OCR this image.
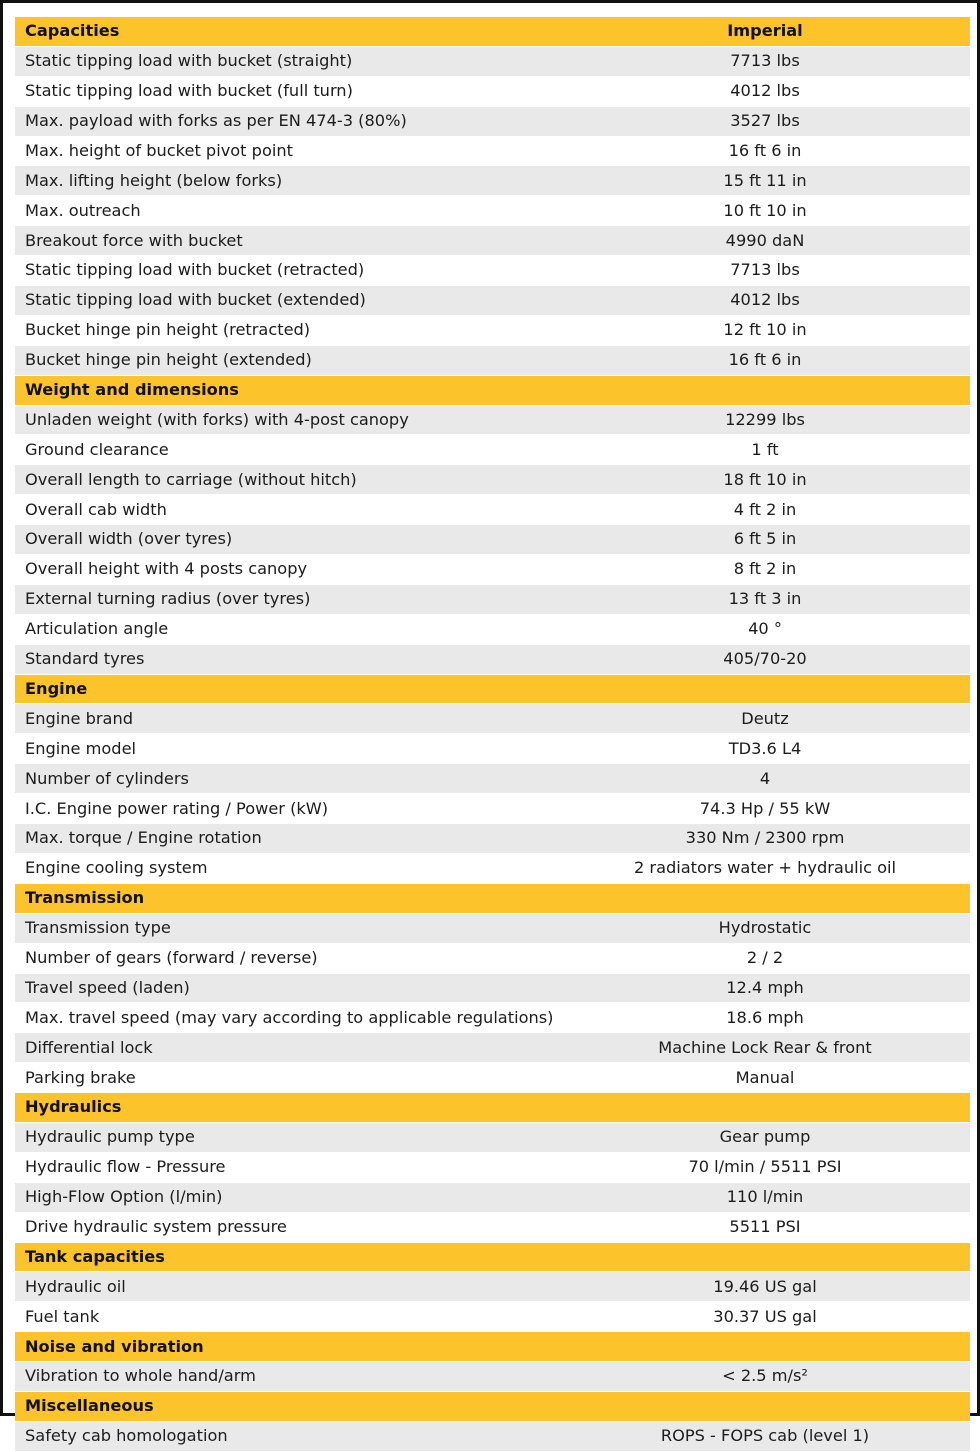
Capacities	Imperial
Static tipping load with bucket (straight)	7713 lbs
Static tipping load with bucket (full turn)	4012 lbs
Max. payload with forks as per EN 474-3 (80%)	3527 lbs
Max. height of bucket pivot point	16 ft 6 in
Max. lifting height (below forks)	15 ft 11 in
Max. outreach	10 ft 10 in
Breakout force with bucket	4990 daN
Static tipping load with bucket (retracted)	7713 lbs
Static tipping load with bucket (extended)	4012 lbs
Bucket hinge pin height (retracted)	12 ft 10 in
Bucket hinge pin height (extended)	16 ft 6 in
Weight and dimensions	
Unladen weight (with forks) with 4-post canopy	12299 lbs
Ground clearance	1 ft
Overall length to carriage (without hitch)	18 ft 10 in
Overall cab width	4 ft 2 in
Overall width (over tyres)	6 ft 5 in
Overall height with 4 posts canopy	8 ft 2 in
External turning radius (over tyres)	13 ft 3 in
Articulation angle	40 °
Standard tyres	405/70-20
Engine	
Engine brand	Deutz
Engine model	TD3.6 L4
Number of cylinders	4
I.C. Engine power rating / Power (kW)	74.3 Hp / 55 kW
Max. torque / Engine rotation	330 Nm / 2300 rpm
Engine cooling system	2 radiators water + hydraulic oil
Transmission	
Transmission type	Hydrostatic
Number of gears (forward / reverse)	2 / 2
Travel speed (laden)	12.4 mph
Max. travel speed (may vary according to applicable regulations)	18.6 mph
Differential lock	Machine Lock Rear & front
Parking brake	Manual
Hydraulics	
Hydraulic pump type	Gear pump
Hydraulic flow - Pressure	70 l/min / 5511 PSI
High-Flow Option (l/min)	110 l/min
Drive hydraulic system pressure	5511 PSI
Tank capacities	
Hydraulic oil	19.46 US gal
Fuel tank	30.37 US gal
Noise and vibration	
Vibration to whole hand/arm	< 2.5 m/s²
Miscellaneous	
Safety cab homologation	ROPS - FOPS cab (level 1)
